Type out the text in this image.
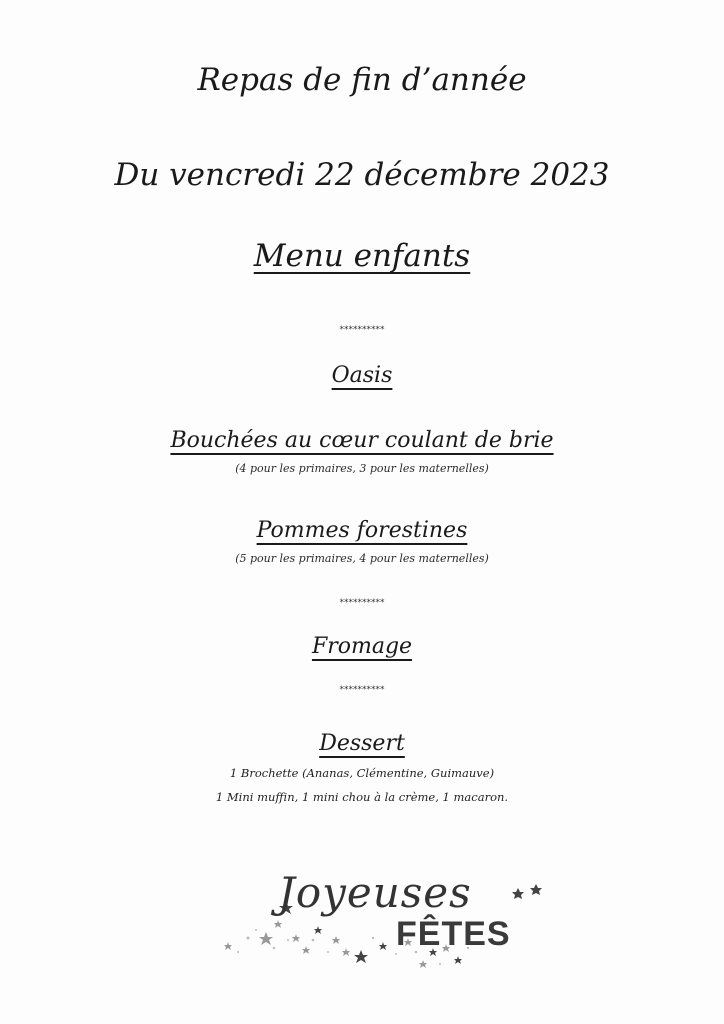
Repas de fin d’année
Du vencredi 22 décembre 2023
Menu enfants
**********
Oasis
Bouchées au cœur coulant de brie
(4 pour les primaires, 3 pour les maternelles)
Pommes forestines
(5 pour les primaires, 4 pour les maternelles)
**********
Fromage
**********
Dessert
1 Brochette (Ananas, Clémentine, Guimauve)
1 Mini muffin, 1 mini chou à la crème, 1 macaron.
Joyeuses
FÊTES
